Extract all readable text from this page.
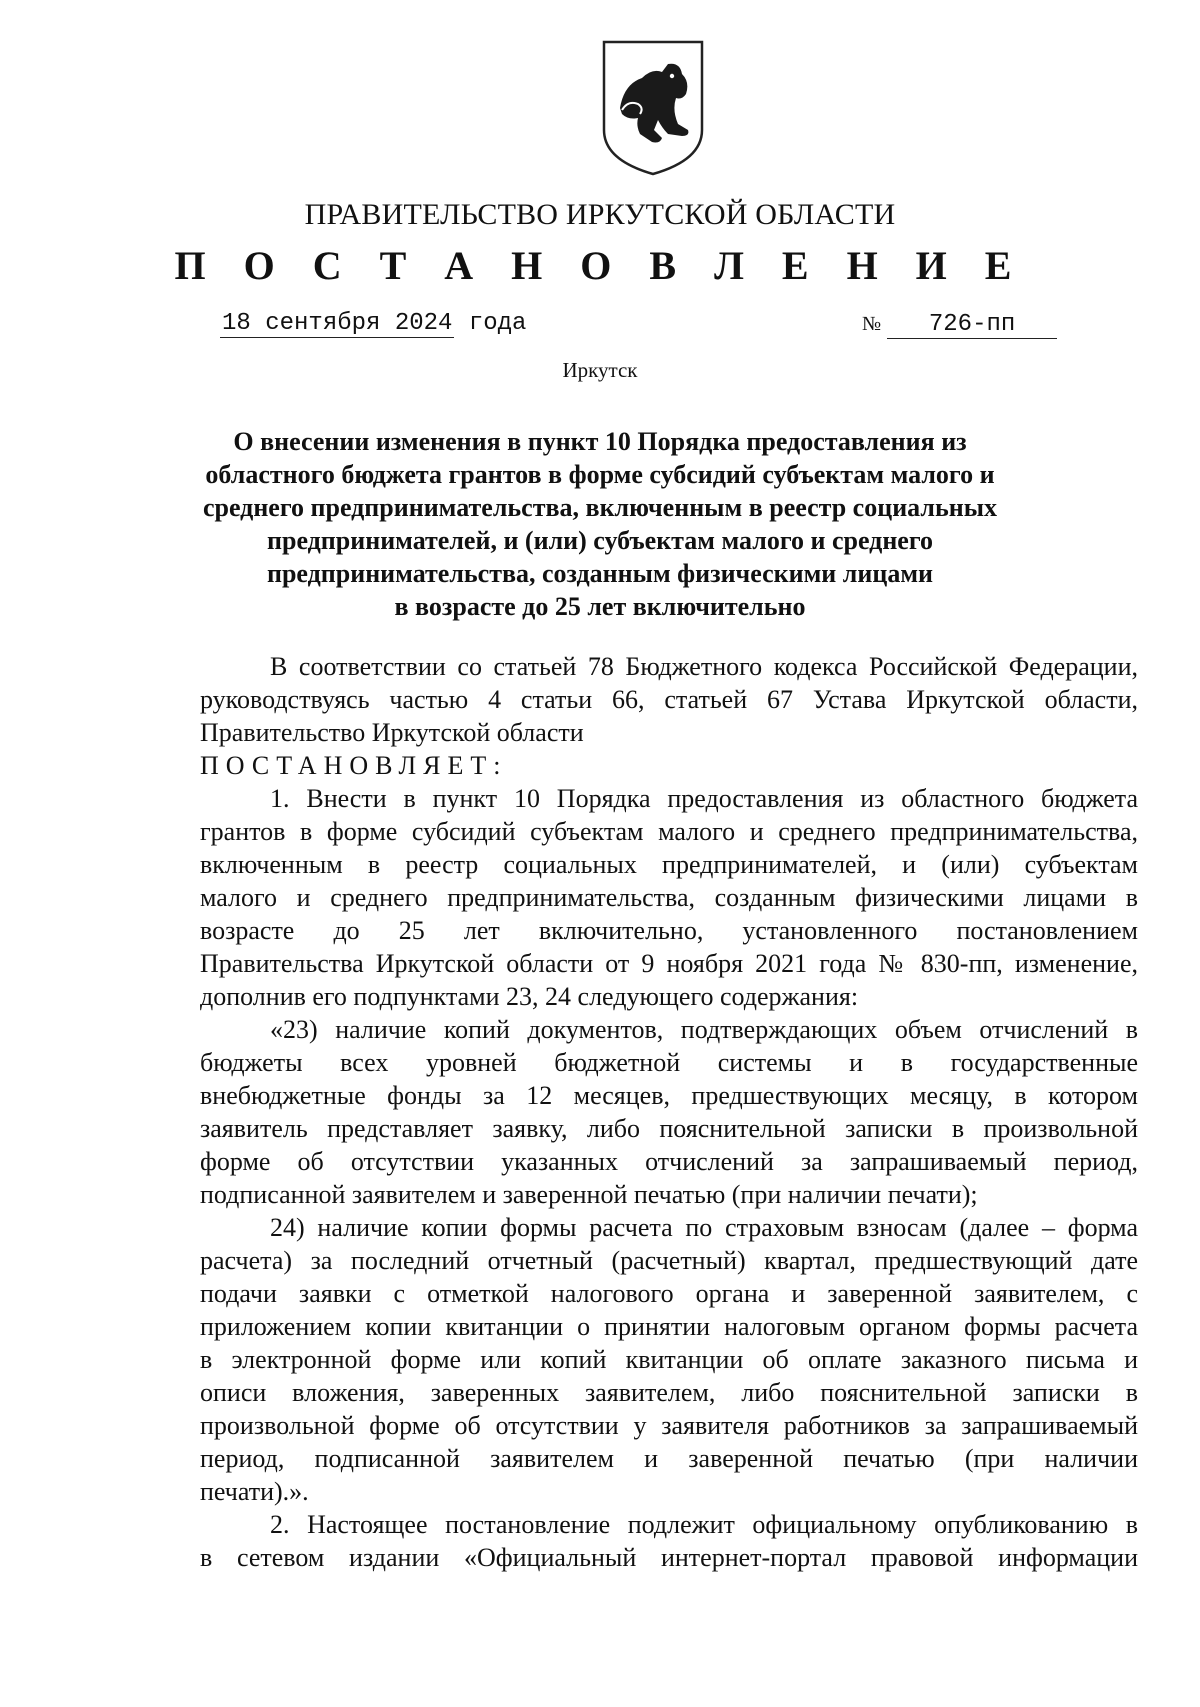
ПРАВИТЕЛЬСТВО ИРКУТСКОЙ ОБЛАСТИ
П О С Т А Н О В Л Е Н И Е
18 сентября 2024 года	№ 726-пп
Иркутск
О внесении изменения в пункт 10 Порядка предоставления из
областного бюджета грантов в форме субсидий субъектам малого и
среднего предпринимательства, включенным в реестр социальных
предпринимателей, и (или) субъектам малого и среднего
предпринимательства, созданным физическими лицами
в возрасте до 25 лет включительно

В соответствии со статьей 78 Бюджетного кодекса Российской Федерации,

руководствуясь частью 4 статьи 66, статьей 67 Устава Иркутской области,

Правительство Иркутской области

ПОСТАНОВЛЯЕТ:

1. Внести в пункт 10 Порядка предоставления из областного бюджета

грантов в форме субсидий субъектам малого и среднего предпринимательства,

включенным в реестр социальных предпринимателей, и (или) субъектам

малого и среднего предпринимательства, созданным физическими лицами в

возрасте до 25 лет включительно, установленного постановлением

Правительства Иркутской области от 9 ноября 2021 года № 830-пп, изменение,

дополнив его подпунктами 23, 24 следующего содержания:

«23) наличие копий документов, подтверждающих объем отчислений в

бюджеты всех уровней бюджетной системы и в государственные

внебюджетные фонды за 12 месяцев, предшествующих месяцу, в котором

заявитель представляет заявку, либо пояснительной записки в произвольной

форме об отсутствии указанных отчислений за запрашиваемый период,

подписанной заявителем и заверенной печатью (при наличии печати);

24) наличие копии формы расчета по страховым взносам (далее – форма

расчета) за последний отчетный (расчетный) квартал, предшествующий дате

подачи заявки с отметкой налогового органа и заверенной заявителем, с

приложением копии квитанции о принятии налоговым органом формы расчета

в электронной форме или копий квитанции об оплате заказного письма и

описи вложения, заверенных заявителем, либо пояснительной записки в

произвольной форме об отсутствии у заявителя работников за запрашиваемый

период, подписанной заявителем и заверенной печатью (при наличии

печати).».

2. Настоящее постановление подлежит официальному опубликованию в

в сетевом издании «Официальный интернет-портал правовой информации
